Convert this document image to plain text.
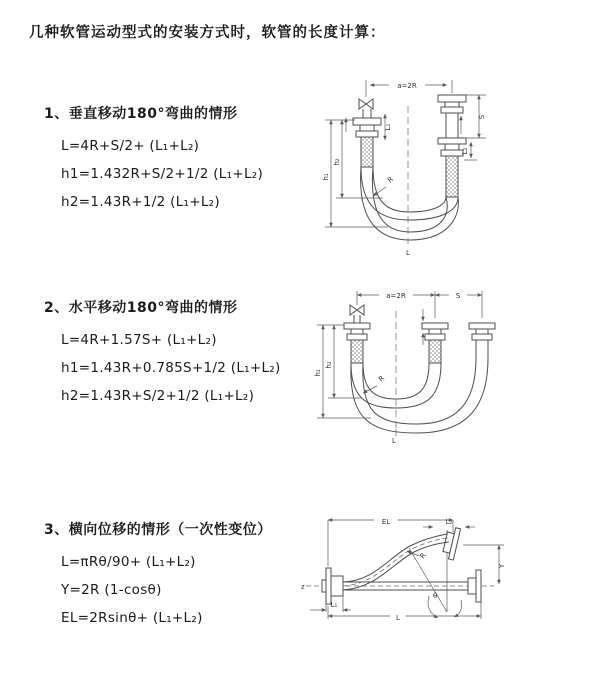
几种软管运动型式的安装方式时，软管的长度计算：
1、垂直移动180°弯曲的情形
L=4R+S/2+ (L₁+L₂)
h1=1.432R+S/2+1/2 (L₁+L₂)
h2=1.43R+1/2 (L₁+L₂)
2、水平移动180°弯曲的情形
L=4R+1.57S+ (L₁+L₂)
h1=1.43R+0.785S+1/2 (L₁+L₂)
h2=1.43R+S/2+1/2 (L₁+L₂)
3、横向位移的情形（一次性变位）
L=πRθ/90+ (L₁+L₂)
Y=2R (1-cosθ)
EL=2Rsinθ+ (L₁+L₂)
a=2R
L
R
h₁
h₂
L₁
S
L₂
a=2R	S
L
h₁
h₂
R
EL	L₂
Y
z
θ
R
L₁
L
